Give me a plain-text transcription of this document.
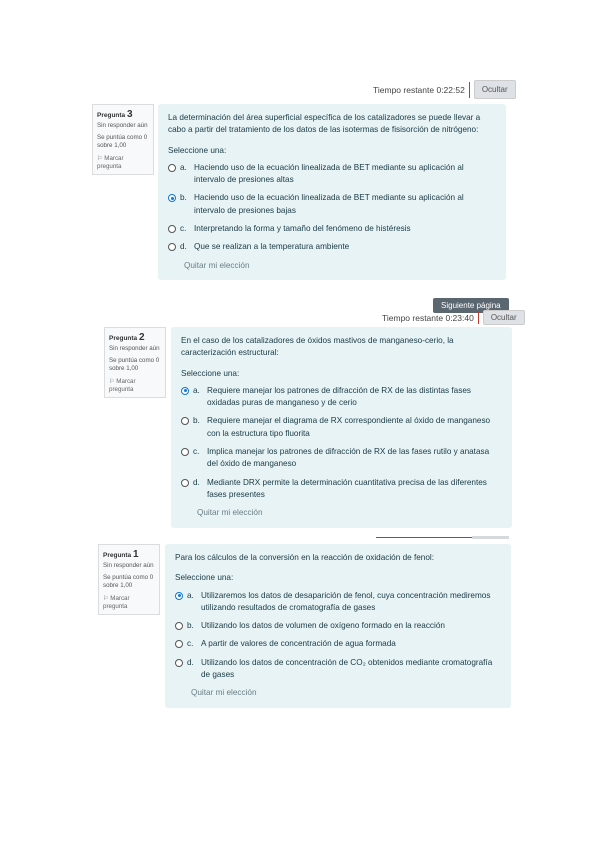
Tiempo restante 0:22:52	Ocultar
Pregunta 3
Sin responder aún
Se puntúa como 0 sobre 1,00
⚐ Marcar pregunta
La determinación del área superficial específica de los catalizadores se puede llevar a cabo a partir del tratamiento de los datos de las isotermas de fisisorción de nitrógeno:
Seleccione una:
a. Haciendo uso de la ecuación linealizada de BET mediante su aplicación al intervalo de presiones altas
b. Haciendo uso de la ecuación linealizada de BET mediante su aplicación al intervalo de presiones bajas
c. Interpretando la forma y tamaño del fenómeno de histéresis
d. Que se realizan a la temperatura ambiente
Quitar mi elección
Siguiente página
Tiempo restante 0:23:40	Ocultar
Pregunta 2
Sin responder aún
Se puntúa como 0 sobre 1,00
⚐ Marcar pregunta
En el caso de los catalizadores de óxidos mastivos de manganeso-cerio, la caracterización estructural:
Seleccione una:
a. Requiere manejar los patrones de difracción de RX de las distintas fases oxidadas puras de manganeso y de cerio
b. Requiere manejar el diagrama de RX correspondiente al óxido de manganeso con la estructura tipo fluorita
c. Implica manejar los patrones de difracción de RX de las fases rutilo y anatasa del óxido de manganeso
d. Mediante DRX permite la determinación cuantitativa precisa de las diferentes fases presentes
Quitar mi elección
Pregunta 1
Sin responder aún
Se puntúa como 0 sobre 1,00
⚐ Marcar pregunta
Para los cálculos de la conversión en la reacción de oxidación de fenol:
Seleccione una:
a. Utilizaremos los datos de desaparición de fenol, cuya concentración mediremos utilizando resultados de cromatografía de gases
b. Utilizando los datos de volumen de oxígeno formado en la reacción
c. A partir de valores de concentración de agua formada
d. Utilizando los datos de concentración de CO₂ obtenidos mediante cromatografía de gases
Quitar mi elección
